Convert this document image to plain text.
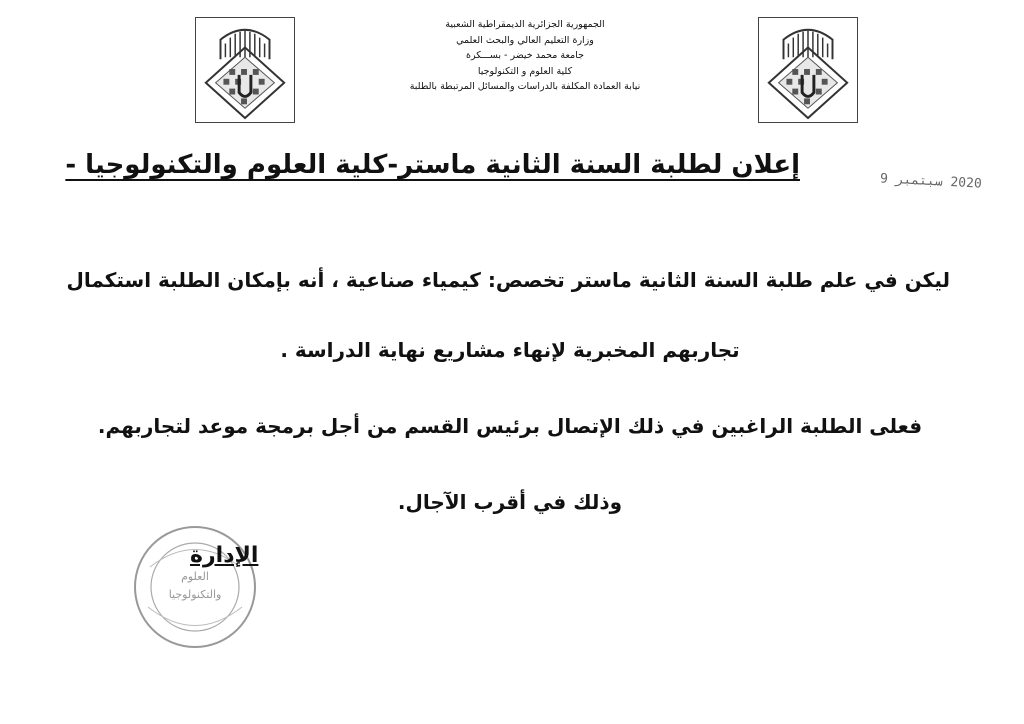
الجمهورية الجزائرية الديمقراطية الشعبية
وزارة التعليم العالي والبحث العلمي
جامعة محمد خيضر - بســـكرة
كلية العلوم و التكنولوجيا
نيابة العمادة المكلفة بالدراسات والمسائل المرتبطة بالطلبة
إعلان لطلبة السنة الثانية ماستر-كلية العلوم والتكنولوجيا -	2020 سبتمبر 9
ليكن في علم طلبة السنة الثانية ماستر تخصص: كيمياء صناعية ، أنه بإمكان الطلبة استكمال
تجاربهم المخبرية لإنهاء مشاريع نهاية الدراسة .
فعلى الطلبة الراغبين في ذلك الإتصال برئيس القسم من أجل برمجة موعد لتجاربهم.
وذلك في أقرب الآجال.
العلوم
والتكنولوجيا
الإدارة
